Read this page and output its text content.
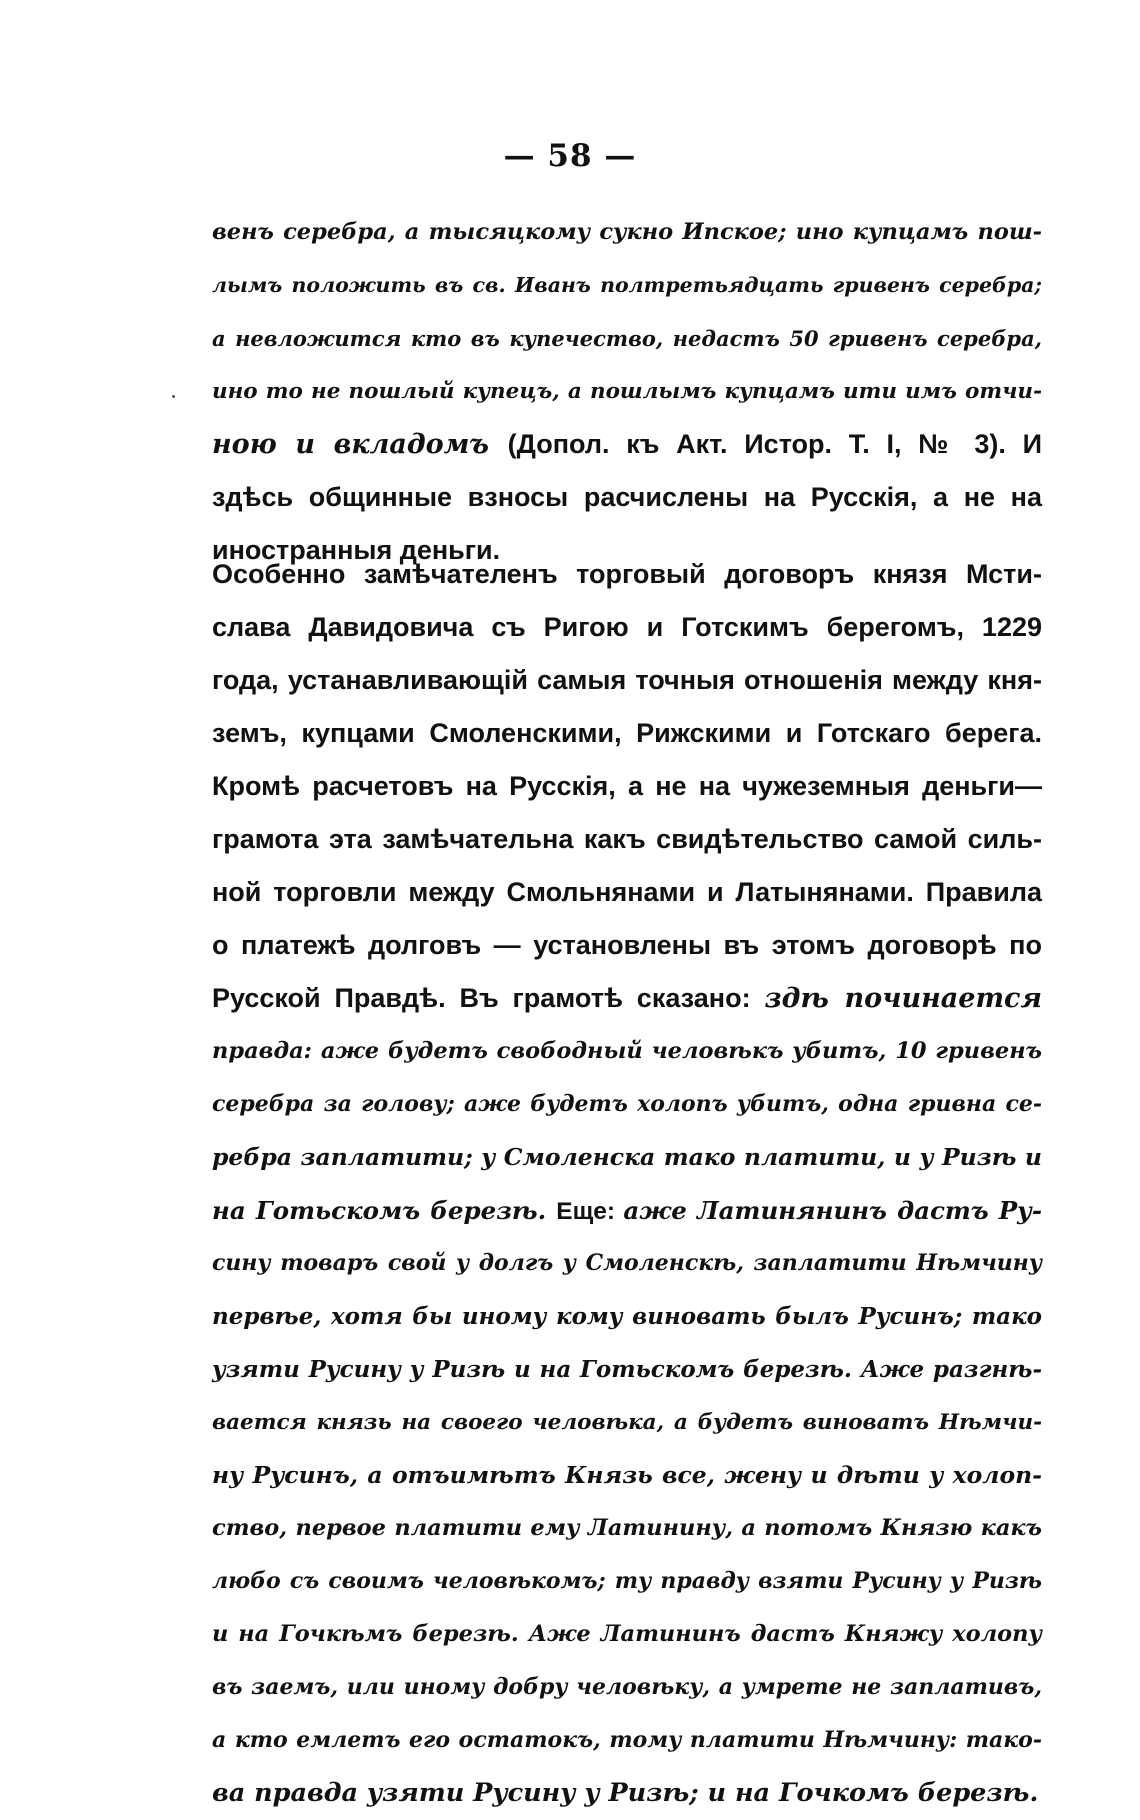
— 58 —
венъ серебра, а тысяцкому сукно Ипское; ино купцамъ пош-
лымъ положить въ св. Иванъ полтретьядцать гривенъ серебра;
а невложится кто въ купечество, недастъ 50 гривенъ серебра,
ино то не пошлый купецъ, а пошлымъ купцамъ ити имъ отчи-
ною и вкладомъ (Допол. къ Акт. Истор. Т. I, № 3). И
здѣсь общинные взносы расчислены на Русскія, а не на
иностранныя деньги.
Особенно замѣчателенъ торговый договоръ князя Мсти-
слава Давидовича съ Ригою и Готскимъ берегомъ, 1229
года, устанавливающій самыя точныя отношенія между кня-
земъ, купцами Смоленскими, Рижскими и Готскаго берега.
Кромѣ расчетовъ на Русскія, а не на чужеземныя деньги—
грамота эта замѣчательна какъ свидѣтельство самой силь-
ной торговли между Смольнянами и Латынянами. Правила
о платежѣ долговъ — установлены въ этомъ договорѣ по
Русской Правдѣ. Въ грамотѣ сказано: здѣ починается
правда: аже будетъ свободный человѣкъ убитъ, 10 гривенъ
серебра за голову; аже будетъ холопъ убитъ, одна гривна се-
ребра заплатити; у Смоленска тако платити, и у Ризѣ и
на Готьскомъ березѣ. Еще: аже Латинянинъ дастъ Ру-
сину товаръ свой у долгъ у Смоленскѣ, заплатити Нѣмчину
первѣе, хотя бы иному кому виновать былъ Русинъ; тако
узяти Русину у Ризѣ и на Готьскомъ березѣ. Аже разгнѣ-
вается князь на своего человѣка, а будетъ виноватъ Нѣмчи-
ну Русинъ, а отъимѣтъ Князь все, жену и дѣти у холоп-
ство, первое платити ему Латинину, а потомъ Князю какъ
любо съ своимъ человѣкомъ; ту правду взяти Русину у Ризѣ
и на Гочкѣмъ березѣ. Аже Латининъ дастъ Княжу холопу
въ заемъ, или иному добру человѣку, а умрете не заплативъ,
а кто емлетъ его остатокъ, тому платити Нѣмчину: тако-
ва правда узяти Русину у Ризѣ; и на Гочкомъ березѣ.
